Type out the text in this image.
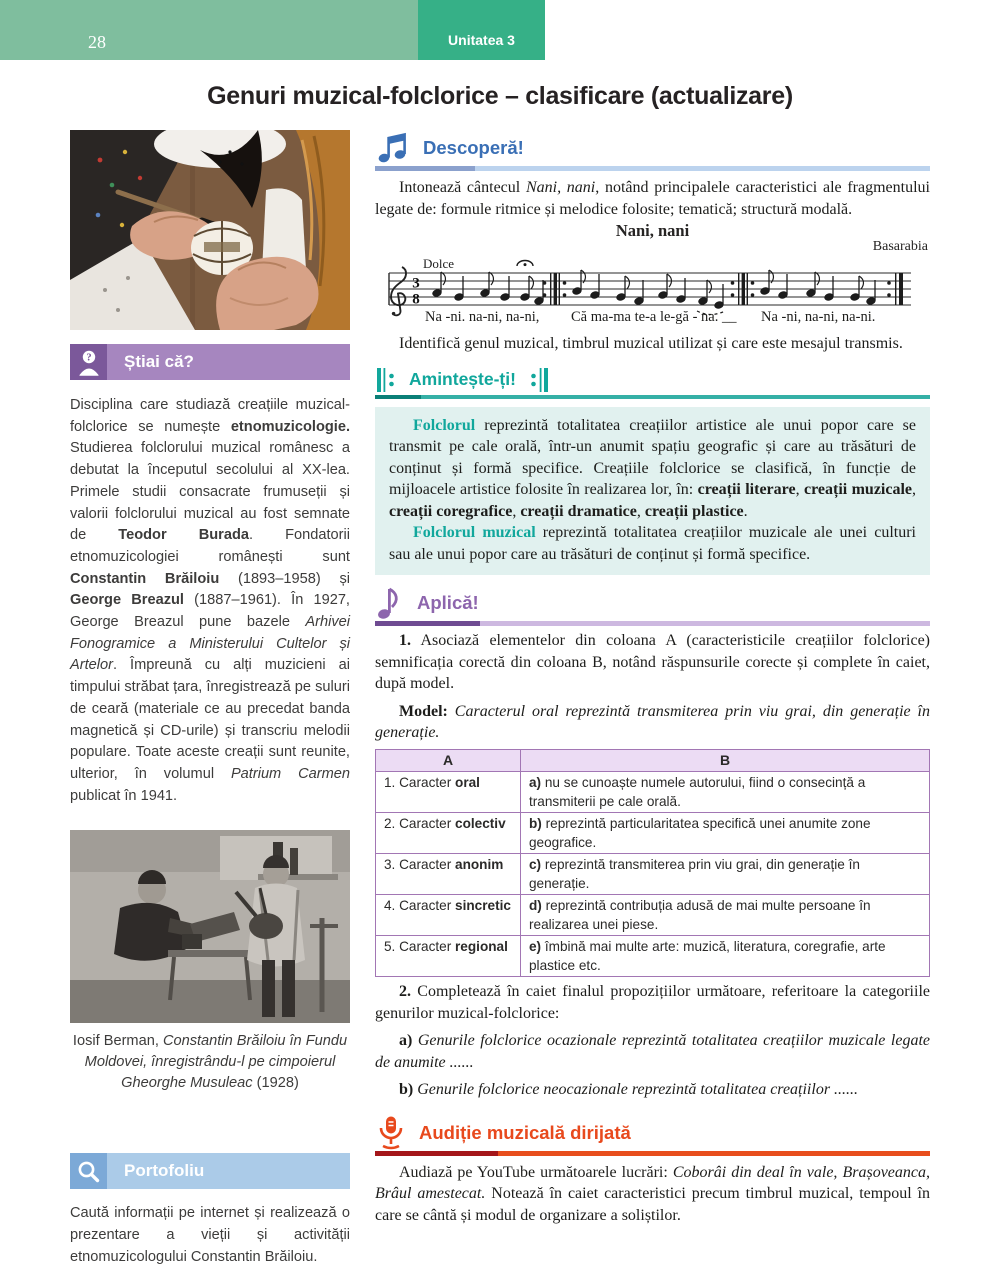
28	Unitatea 3
Genuri muzical-folclorice – clasificare (actualizare)
?	Știai că?

Disciplina care studiază creațiile muzical-folclorice se numește etnomuzicologie. Studierea folclorului muzical românesc a debutat la începutul secolului al XX-lea. Primele studii consacrate frumuseții și valorii folclorului muzical au fost semnate de Teodor Burada. Fondatorii etnomuzicologiei românești sunt Constantin Brăiloiu (1893–1958) și George Breazul (1887–1961). În 1927, George Breazul pune bazele Arhivei Fonogramice a Ministerului Cultelor și Artelor. Împreună cu alți muzicieni ai timpului străbat țara, înregistrează pe suluri de ceară (materiale ce au precedat banda magnetică și CD-urile) și transcriu melodii populare. Toate aceste creații sunt reunite, ulterior, în volumul Patrium Carmen publicat în 1941.

Iosif Berman, Constantin Brăiloiu în Fundu Moldovei, înregistrându-l pe cimpoierul Gheorghe Musuleac (1928)

Portofoliu

Caută informații pe internet și realizează o prezentare a vieții și activității etnomuzicologului Constantin Brăiloiu.

Descoperă!

Intonează cântecul Nani, nani, notând principalele caracteristici ale fragmentului legate de: formule ritmice și melodice folosite; tematică; structură modală.

Nani, nani

Basarabia

Dolce
3
8
Na -ni. na-ni, na-ni, Că ma-ma te-a le-gă - na. __ Na -ni, na-ni, na-ni.

Identifică genul muzical, timbrul muzical utilizat și care este mesajul transmis.

Amintește-ți!

Folclorul reprezintă totalitatea creațiilor artistice ale unui popor care se transmit pe cale orală, într-un anumit spațiu geografic și care au trăsături de conținut și formă specifice. Creațiile folclorice se clasifică, în funcție de mijloacele artistice folosite în realizarea lor, în: creații literare, creații muzicale, creații coregrafice, creații dramatice, creații plastice.

Folclorul muzical reprezintă totalitatea creațiilor muzicale ale unei culturi sau ale unui popor care au trăsături de conținut și formă specifice.

Aplică!

1. Asociază elementelor din coloana A (caracteristicile creațiilor folclorice) semnificația corectă din coloana B, notând răspunsurile corecte și complete în caiet, după model.

Model: Caracterul oral reprezintă transmiterea prin viu grai, din generație în generație.

A	B
1. Caracter oral	a) nu se cunoaște numele autorului, fiind o consecință a transmiterii pe cale orală.
2. Caracter colectiv	b) reprezintă particularitatea specifică unei anumite zone geografice.
3. Caracter anonim	c) reprezintă transmiterea prin viu grai, din generație în generație.
4. Caracter sincretic	d) reprezintă contribuția adusă de mai multe persoane în realizarea unei piese.
5. Caracter regional	e) îmbină mai multe arte: muzică, literatura, coregrafie, arte plastice etc.

2. Completează în caiet finalul propozițiilor următoare, referitoare la categoriile genurilor muzical-folclorice:

a) Genurile folclorice ocazionale reprezintă totalitatea creațiilor muzicale legate de anumite ......

b) Genurile folclorice neocazionale reprezintă totalitatea creațiilor ......

Audiție muzicală dirijată

Audiază pe YouTube următoarele lucrări: Coborâi din deal în vale, Brașoveanca, Brâul amestecat. Notează în caiet caracteristici precum timbrul muzical, tempoul în care se cântă și modul de organizare a soliștilor.
